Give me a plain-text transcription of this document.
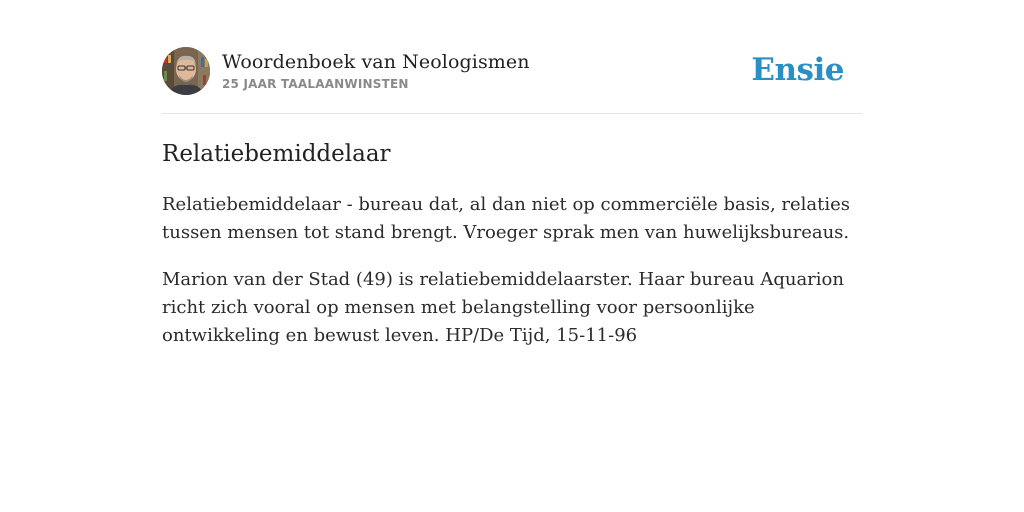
Woordenboek van Neologismen
25 JAAR TAALAANWINSTEN	Ensie
Relatiebemiddelaar

Relatiebemiddelaar - bureau dat, al dan niet op commerciële basis, relaties tussen mensen tot stand brengt. Vroeger sprak men van huwelijksbureaus.

Marion van der Stad (49) is relatiebemiddelaarster. Haar bureau Aquarion richt zich vooral op mensen met belangstelling voor persoonlijke ontwikkeling en bewust leven. HP/De Tijd, 15-11-96
